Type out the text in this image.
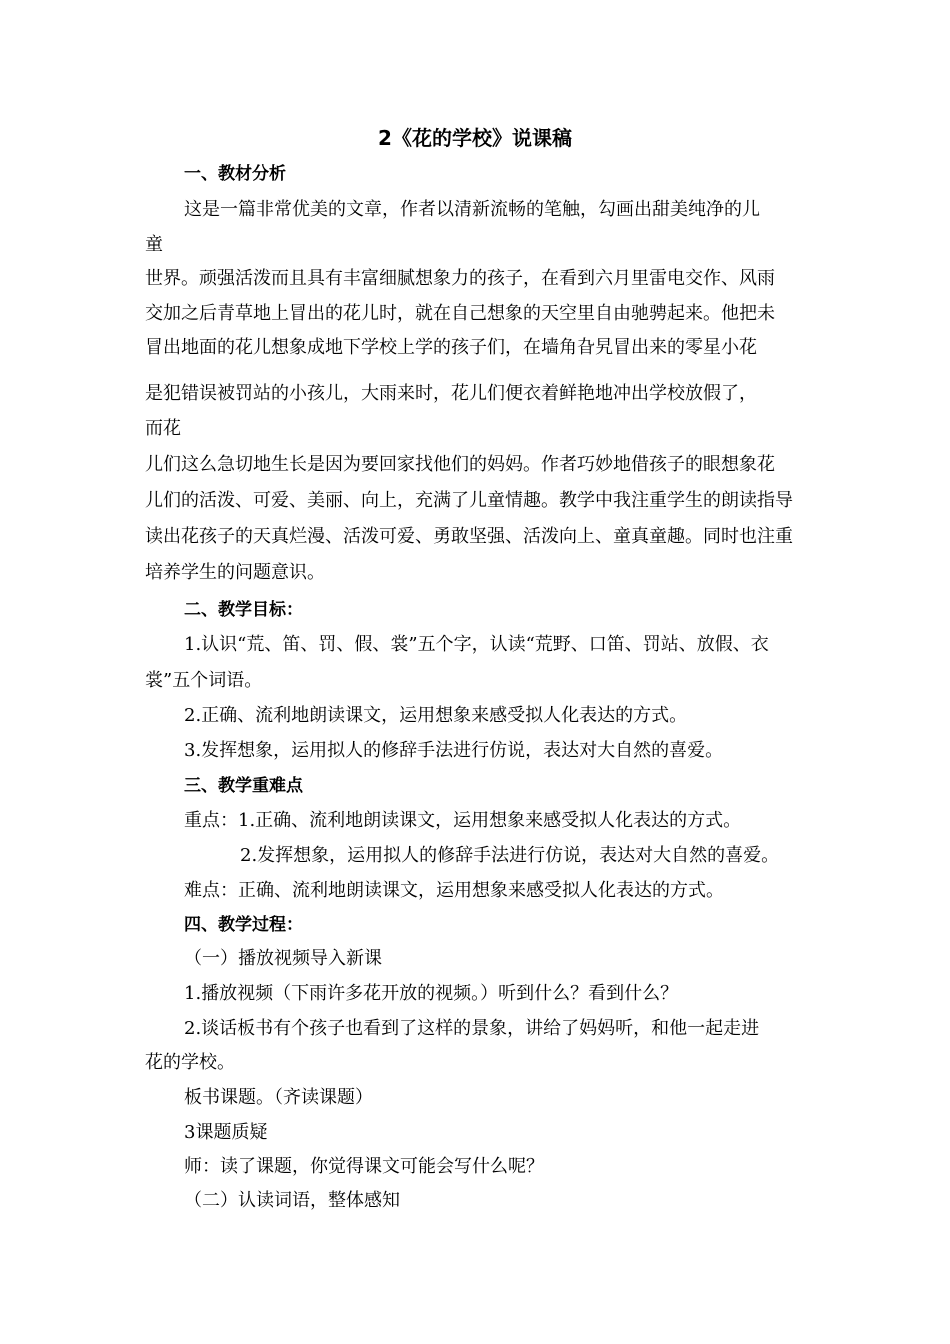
2《花的学校》说课稿
一、教材分析
这是一篇非常优美的文章，作者以清新流畅的笔触，勾画出甜美纯净的儿
童
世界。顽强活泼而且具有丰富细腻想象力的孩子，在看到六月里雷电交作、风雨
交加之后青草地上冒出的花儿时，就在自己想象的天空里自由驰骋起来。他把未
冒出地面的花儿想象成地下学校上学的孩子们，在墙角旮旯冒出来的零星小花
是犯错误被罚站的小孩儿，大雨来时，花儿们便衣着鲜艳地冲出学校放假了，
而花
儿们这么急切地生长是因为要回家找他们的妈妈。作者巧妙地借孩子的眼想象花
儿们的活泼、可爱、美丽、向上，充满了儿童情趣。教学中我注重学生的朗读指导
读出花孩子的天真烂漫、活泼可爱、勇敢坚强、活泼向上、童真童趣。同时也注重
培养学生的问题意识。
二、教学目标：
1.认识“荒、笛、罚、假、裳”五个字，认读“荒野、口笛、罚站、放假、衣
裳”五个词语。
2.正确、流利地朗读课文，运用想象来感受拟人化表达的方式。
3.发挥想象，运用拟人的修辞手法进行仿说，表达对大自然的喜爱。
三、教学重难点
重点：1.正确、流利地朗读课文，运用想象来感受拟人化表达的方式。
2.发挥想象，运用拟人的修辞手法进行仿说，表达对大自然的喜爱。
难点：正确、流利地朗读课文，运用想象来感受拟人化表达的方式。
四、教学过程：
（一）播放视频导入新课
1.播放视频（下雨许多花开放的视频。）听到什么？看到什么？
2.谈话板书有个孩子也看到了这样的景象，讲给了妈妈听，和他一起走进
花的学校。
板书课题。（齐读课题）
3课题质疑
师：读了课题，你觉得课文可能会写什么呢？
（二）认读词语，整体感知
